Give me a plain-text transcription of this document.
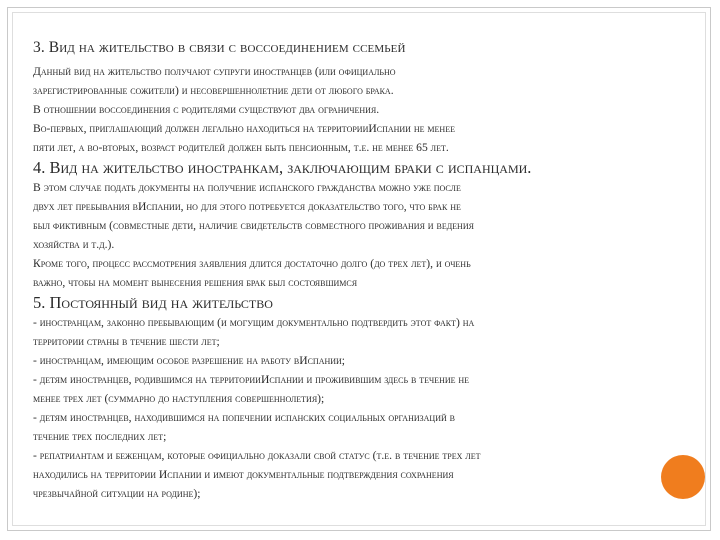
3. Вид на жительство в связи с воссоединением ссемьей
Данный вид на жительство получают супруги иностранцев (или официально
зарегистрированные сожители) и несовершеннолетние дети от любого брака.
В отношении воссоединения с родителями существуют два ограничения.
Во-первых, приглашающий должен легально находиться на территорииИспании не менее
пяти лет, а во-вторых, возраст родителей должен быть пенсионным, т.е. не менее 65 лет.
4. Вид на жительство иностранкам, заключающим браки с испанцами.
В этом случае подать документы на получение испанского гражданства можно уже после
двух лет пребывания вИспании, но для этого потребуется доказательство того, что брак не
был фиктивным (совместные дети, наличие свидетельств совместного проживания и ведения
хозяйства и т.д.).
Кроме того, процесс рассмотрения заявления длится достаточно долго (до трех лет), и очень
важно, чтобы на момент вынесения решения брак был состоявшимся
5. Постоянный вид на жительство
- иностранцам, законно пребывающим (и могущим документально подтвердить этот факт) на
территории страны в течение шести лет;
- иностранцам, имеющим особое разрешение на работу вИспании;
- детям иностранцев, родившимся на территорииИспании и проживившим здесь в течение не
менее трех лет (суммарно до наступления совершеннолетия);
- детям иностранцев, находившимся на попечении испанских социальных организаций в
течение трех последних лет;
- репатриантам и беженцам, которые официально доказали свой статус (т.е. в течение трех лет
находились на территории Испании и имеют документальные подтверждения сохранения
чрезвычайной ситуации на родине);
